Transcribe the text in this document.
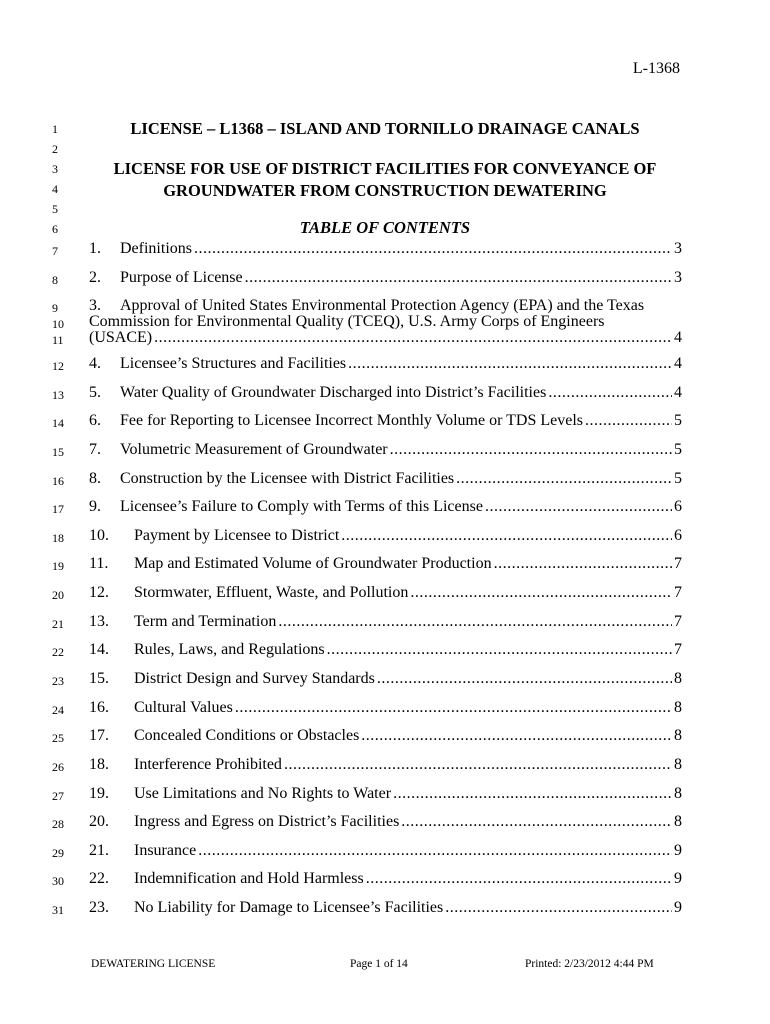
L-1368
1
2
3
4
5
6
7
8
9
10
11
12
13
14
15
16
17
18
19
20
21
22
23
24
25
26
27
28
29
30
31
LICENSE – L1368 – ISLAND AND TORNILLO DRAINAGE CANALS
LICENSE FOR USE OF DISTRICT FACILITIES FOR CONVEYANCE OF
GROUNDWATER FROM CONSTRUCTION DEWATERING
TABLE OF CONTENTS
1.	Definitions .....	3
2.	Purpose of License .....	3
3. Approval of United States Environmental Protection Agency (EPA) and the Texas
Commission for Environmental Quality (TCEQ), U.S. Army Corps of Engineers
(USACE) .....	4
4.	Licensee’s Structures and Facilities .....	4
5.	Water Quality of Groundwater Discharged into District’s Facilities .....	4
6.	Fee for Reporting to Licensee Incorrect Monthly Volume or TDS Levels .....	5
7.	Volumetric Measurement of Groundwater .....	5
8.	Construction by the Licensee with District Facilities .....	5
9.	Licensee’s Failure to Comply with Terms of this License .....	6
10.	Payment by Licensee to District .....	6
11.	Map and Estimated Volume of Groundwater Production .....	7
12.	Stormwater, Effluent, Waste, and Pollution .....	7
13.	Term and Termination .....	7
14.	Rules, Laws, and Regulations .....	7
15.	District Design and Survey Standards .....	8
16.	Cultural Values .....	8
17.	Concealed Conditions or Obstacles .....	8
18.	Interference Prohibited .....	8
19.	Use Limitations and No Rights to Water .....	8
20.	Ingress and Egress on District’s Facilities .....	8
21.	Insurance .....	9
22.	Indemnification and Hold Harmless .....	9
23.	No Liability for Damage to Licensee’s Facilities .....	9
DEWATERING LICENSE	Page 1 of 14	Printed: 2/23/2012 4:44 PM
